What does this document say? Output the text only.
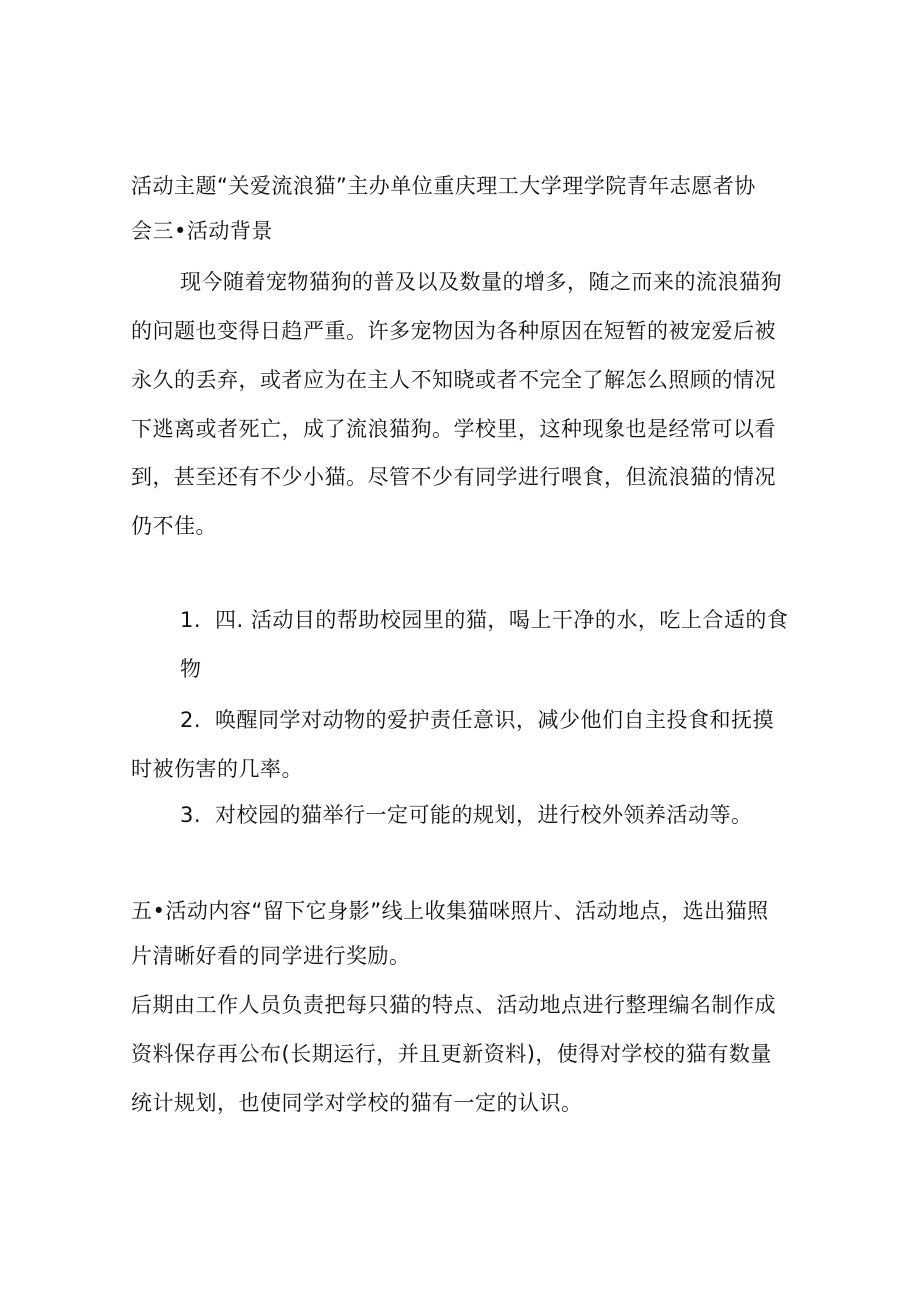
活动主题“关爱流浪猫”主办单位重庆理工大学理学院青年志愿者协
会三•活动背景
现今随着宠物猫狗的普及以及数量的增多，随之而来的流浪猫狗
的问题也变得日趋严重。许多宠物因为各种原因在短暂的被宠爱后被
永久的丢弃，或者应为在主人不知晓或者不完全了解怎么照顾的情况
下逃离或者死亡，成了流浪猫狗。学校里，这种现象也是经常可以看
到，甚至还有不少小猫。尽管不少有同学进行喂食，但流浪猫的情况
仍不佳。
1. 四. 活动目的帮助校园里的猫，喝上干净的水，吃上合适的食
物
2. 唤醒同学对动物的爱护责任意识，减少他们自主投食和抚摸
时被伤害的几率。
3. 对校园的猫举行一定可能的规划，进行校外领养活动等。
五•活动内容“留下它身影”线上收集猫咪照片、活动地点，选出猫照
片清晰好看的同学进行奖励。
后期由工作人员负责把每只猫的特点、活动地点进行整理编名制作成
资料保存再公布(长期运行，并且更新资料)，使得对学校的猫有数量
统计规划，也使同学对学校的猫有一定的认识。
